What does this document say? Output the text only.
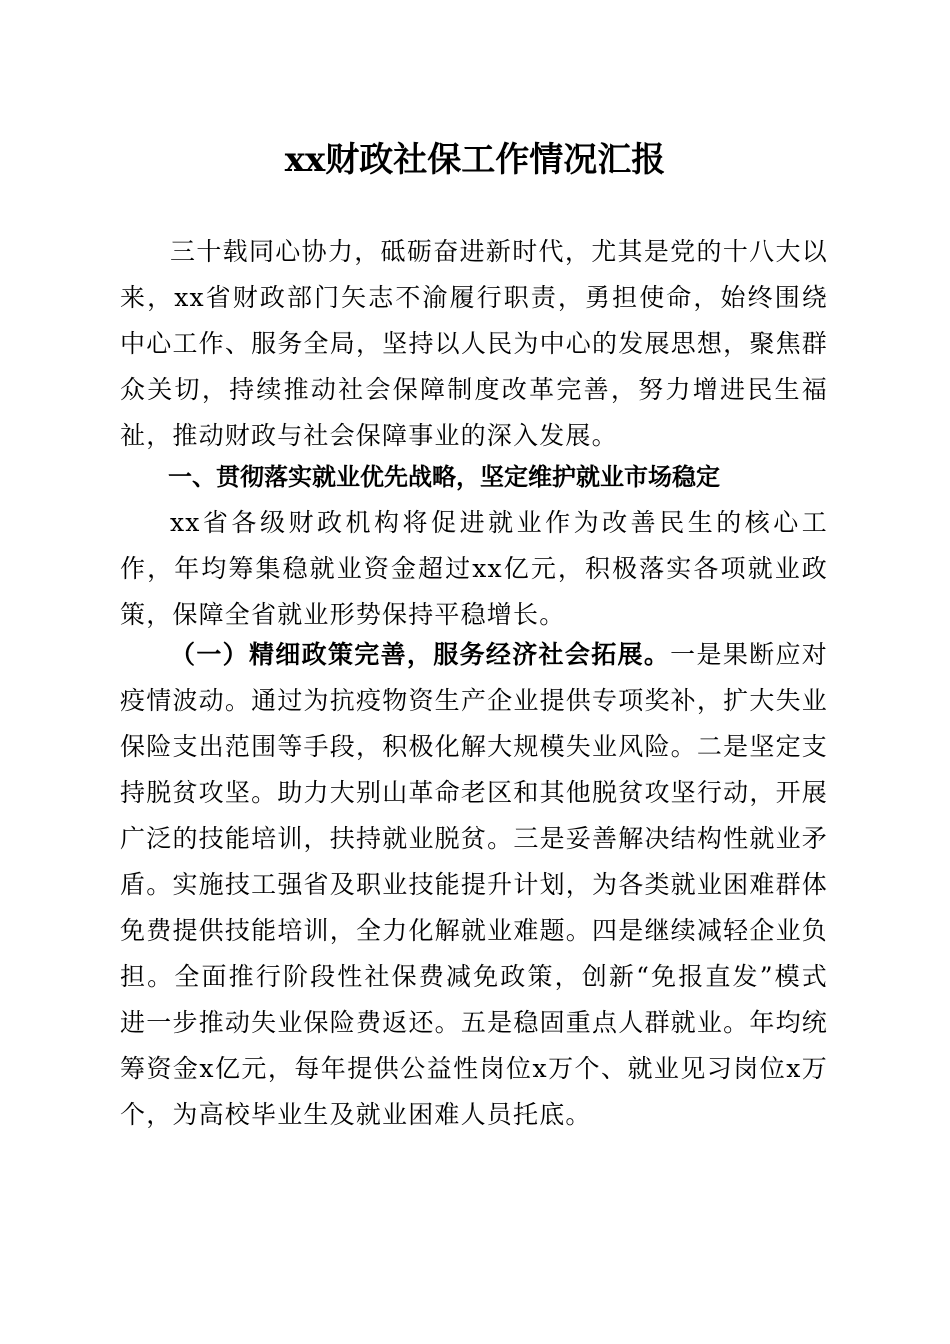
xx财政社保工作情况汇报

三十载同心协力，砥砺奋进新时代，尤其是党的十八大以来，xx省财政部门矢志不渝履行职责，勇担使命，始终围绕中心工作、服务全局，坚持以人民为中心的发展思想，聚焦群众关切，持续推动社会保障制度改革完善，努力增进民生福祉，推动财政与社会保障事业的深入发展。

一、贯彻落实就业优先战略，坚定维护就业市场稳定

xx省各级财政机构将促进就业作为改善民生的核心工作，年均筹集稳就业资金超过xx亿元，积极落实各项就业政策，保障全省就业形势保持平稳增长。

（一）精细政策完善，服务经济社会拓展。一是果断应对疫情波动。通过为抗疫物资生产企业提供专项奖补，扩大失业保险支出范围等手段，积极化解大规模失业风险。二是坚定支持脱贫攻坚。助力大别山革命老区和其他脱贫攻坚行动，开展广泛的技能培训，扶持就业脱贫。三是妥善解决结构性就业矛盾。实施技工强省及职业技能提升计划，为各类就业困难群体免费提供技能培训，全力化解就业难题。四是继续减轻企业负担。全面推行阶段性社保费减免政策，创新“免报直发”模式进一步推动失业保险费返还。五是稳固重点人群就业。年均统筹资金x亿元，每年提供公益性岗位x万个、就业见习岗位x万个，为高校毕业生及就业困难人员托底。
